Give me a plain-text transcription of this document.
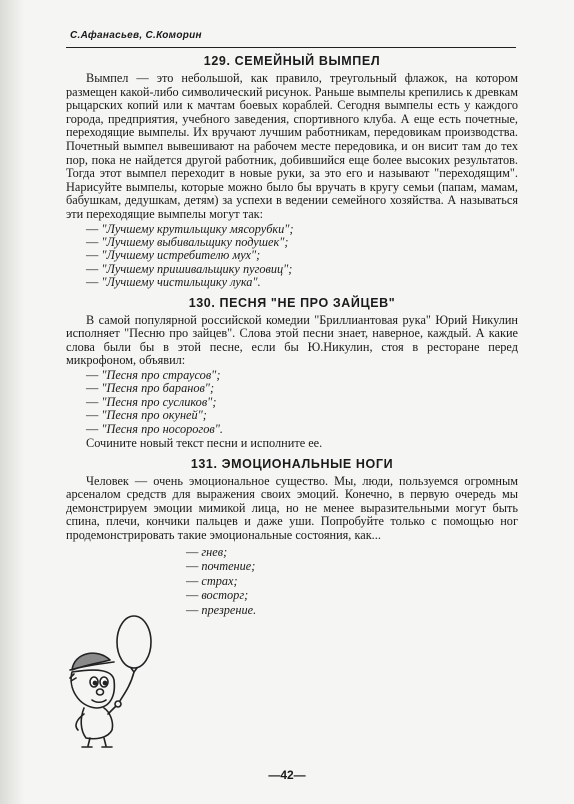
С.Афанасьев, С.Коморин
129. СЕМЕЙНЫЙ ВЫМПЕЛ

Вымпел — это небольшой, как правило, треугольный флажок, на котором размещен какой-либо символический рисунок. Раньше вымпелы крепились к древкам рыцарских копий или к мачтам боевых кораблей. Сегодня вымпелы есть у каждого города, предприятия, учебного заведения, спортивного клуба. А еще есть почетные, переходящие вымпелы. Их вручают лучшим работникам, передовикам производства. Почетный вымпел вывешивают на рабочем месте передовика, и он висит там до тех пор, пока не найдется другой работник, добившийся еще более высоких результатов. Тогда этот вымпел переходит в новые руки, за это его и называют "переходящим". Нарисуйте вымпелы, которые можно было бы вручать в кругу семьи (папам, мамам, бабушкам, дедушкам, детям) за успехи в ведении семейного хозяйства. А называться эти переходящие вымпелы могут так:

— "Лучшему крутильщику мясорубки";
— "Лучшему выбивальщику подушек";
— "Лучшему истребителю мух";
— "Лучшему пришивальщику пуговиц";
— "Лучшему чистильщику лука".
130. ПЕСНЯ "НЕ ПРО ЗАЙЦЕВ"

В самой популярной российской комедии "Бриллиантовая рука" Юрий Никулин исполняет "Песню про зайцев". Слова этой песни знает, наверное, каждый. А какие слова были бы в этой песне, если бы Ю.Никулин, стоя в ресторане перед микрофоном, объявил:

— "Песня про страусов";
— "Песня про баранов";
— "Песня про сусликов";
— "Песня про окуней";
— "Песня про носорогов".

Сочините новый текст песни и исполните ее.

131. ЭМОЦИОНАЛЬНЫЕ НОГИ

Человек — очень эмоциональное существо. Мы, люди, пользуемся огромным арсеналом средств для выражения своих эмоций. Конечно, в первую очередь мы демонстрируем эмоции мимикой лица, но не менее выразительными могут быть спина, плечи, кончики пальцев и даже уши. Попробуйте только с помощью ног продемонстрировать такие эмоциональные состояния, как...

— гнев;
— почтение;
— страх;
— восторг;
— презрение.
—42—
